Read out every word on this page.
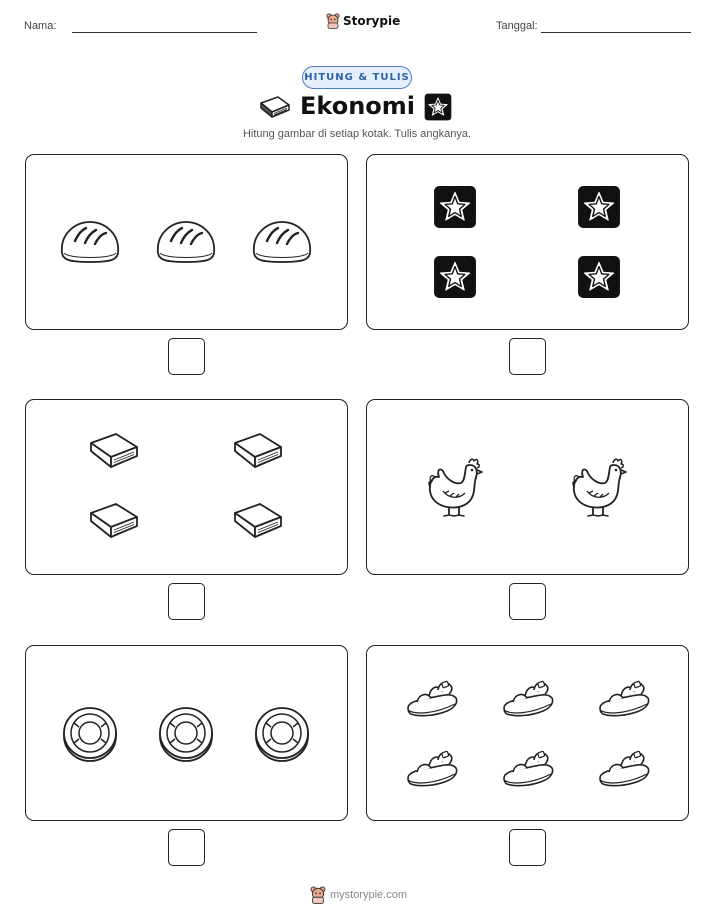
Nama:	Storypie	Tanggal:
HITUNG & TULIS
Ekonomi
Hitung gambar di setiap kotak. Tulis angkanya.
mystorypie.com
